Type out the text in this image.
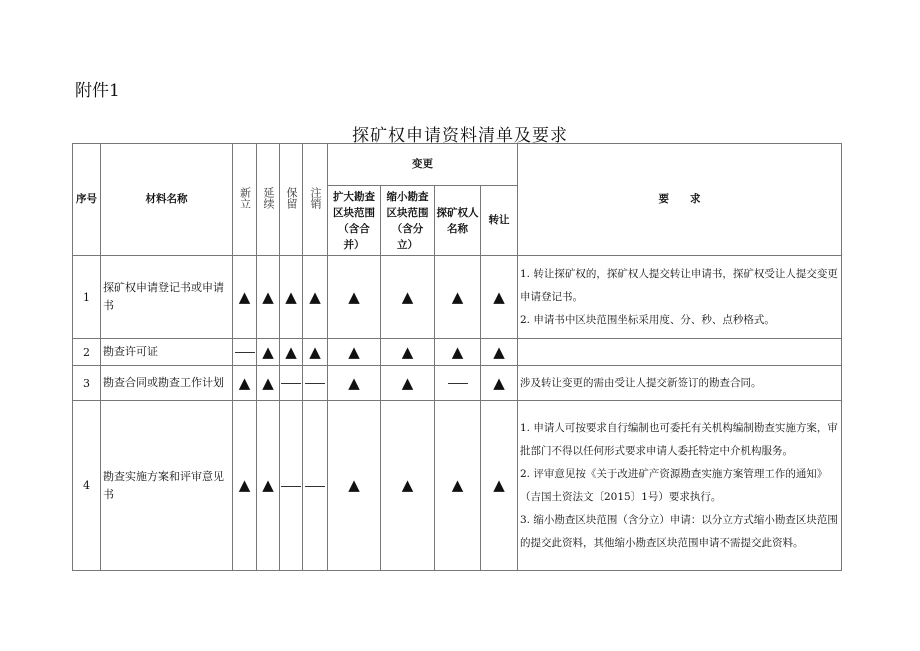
附件1
探矿权申请资料清单及要求
序号	材料名称	新立	延续	保留	注销	变更				要　　求
						扩大勘查区块范围（含合并）	缩小勘查区块范围（含分立）	探矿权人名称	转让	
1	探矿权申请登记书或申请书	▲	▲	▲	▲	▲	▲	▲	▲	1. 转让探矿权的，探矿权人提交转让申请书，探矿权受让人提交变更申请登记书。
2. 申请书中区块范围坐标采用度、分、秒、点秒格式。

2	勘查许可证		▲	▲	▲	▲	▲	▲	▲	
3	勘查合同或勘查工作计划	▲	▲			▲	▲		▲	涉及转让变更的需由受让人提交新签订的勘查合同。

4	勘查实施方案和评审意见书	▲	▲			▲	▲	▲	▲	1. 申请人可按要求自行编制也可委托有关机构编制勘查实施方案，审批部门不得以任何形式要求申请人委托特定中介机构服务。
2. 评审意见按《关于改进矿产资源勘查实施方案管理工作的通知》（吉国土资法文〔2015〕1号）要求执行。
3. 缩小勘查区块范围（含分立）申请：以分立方式缩小勘查区块范围的提交此资料，其他缩小勘查区块范围申请不需提交此资料。
